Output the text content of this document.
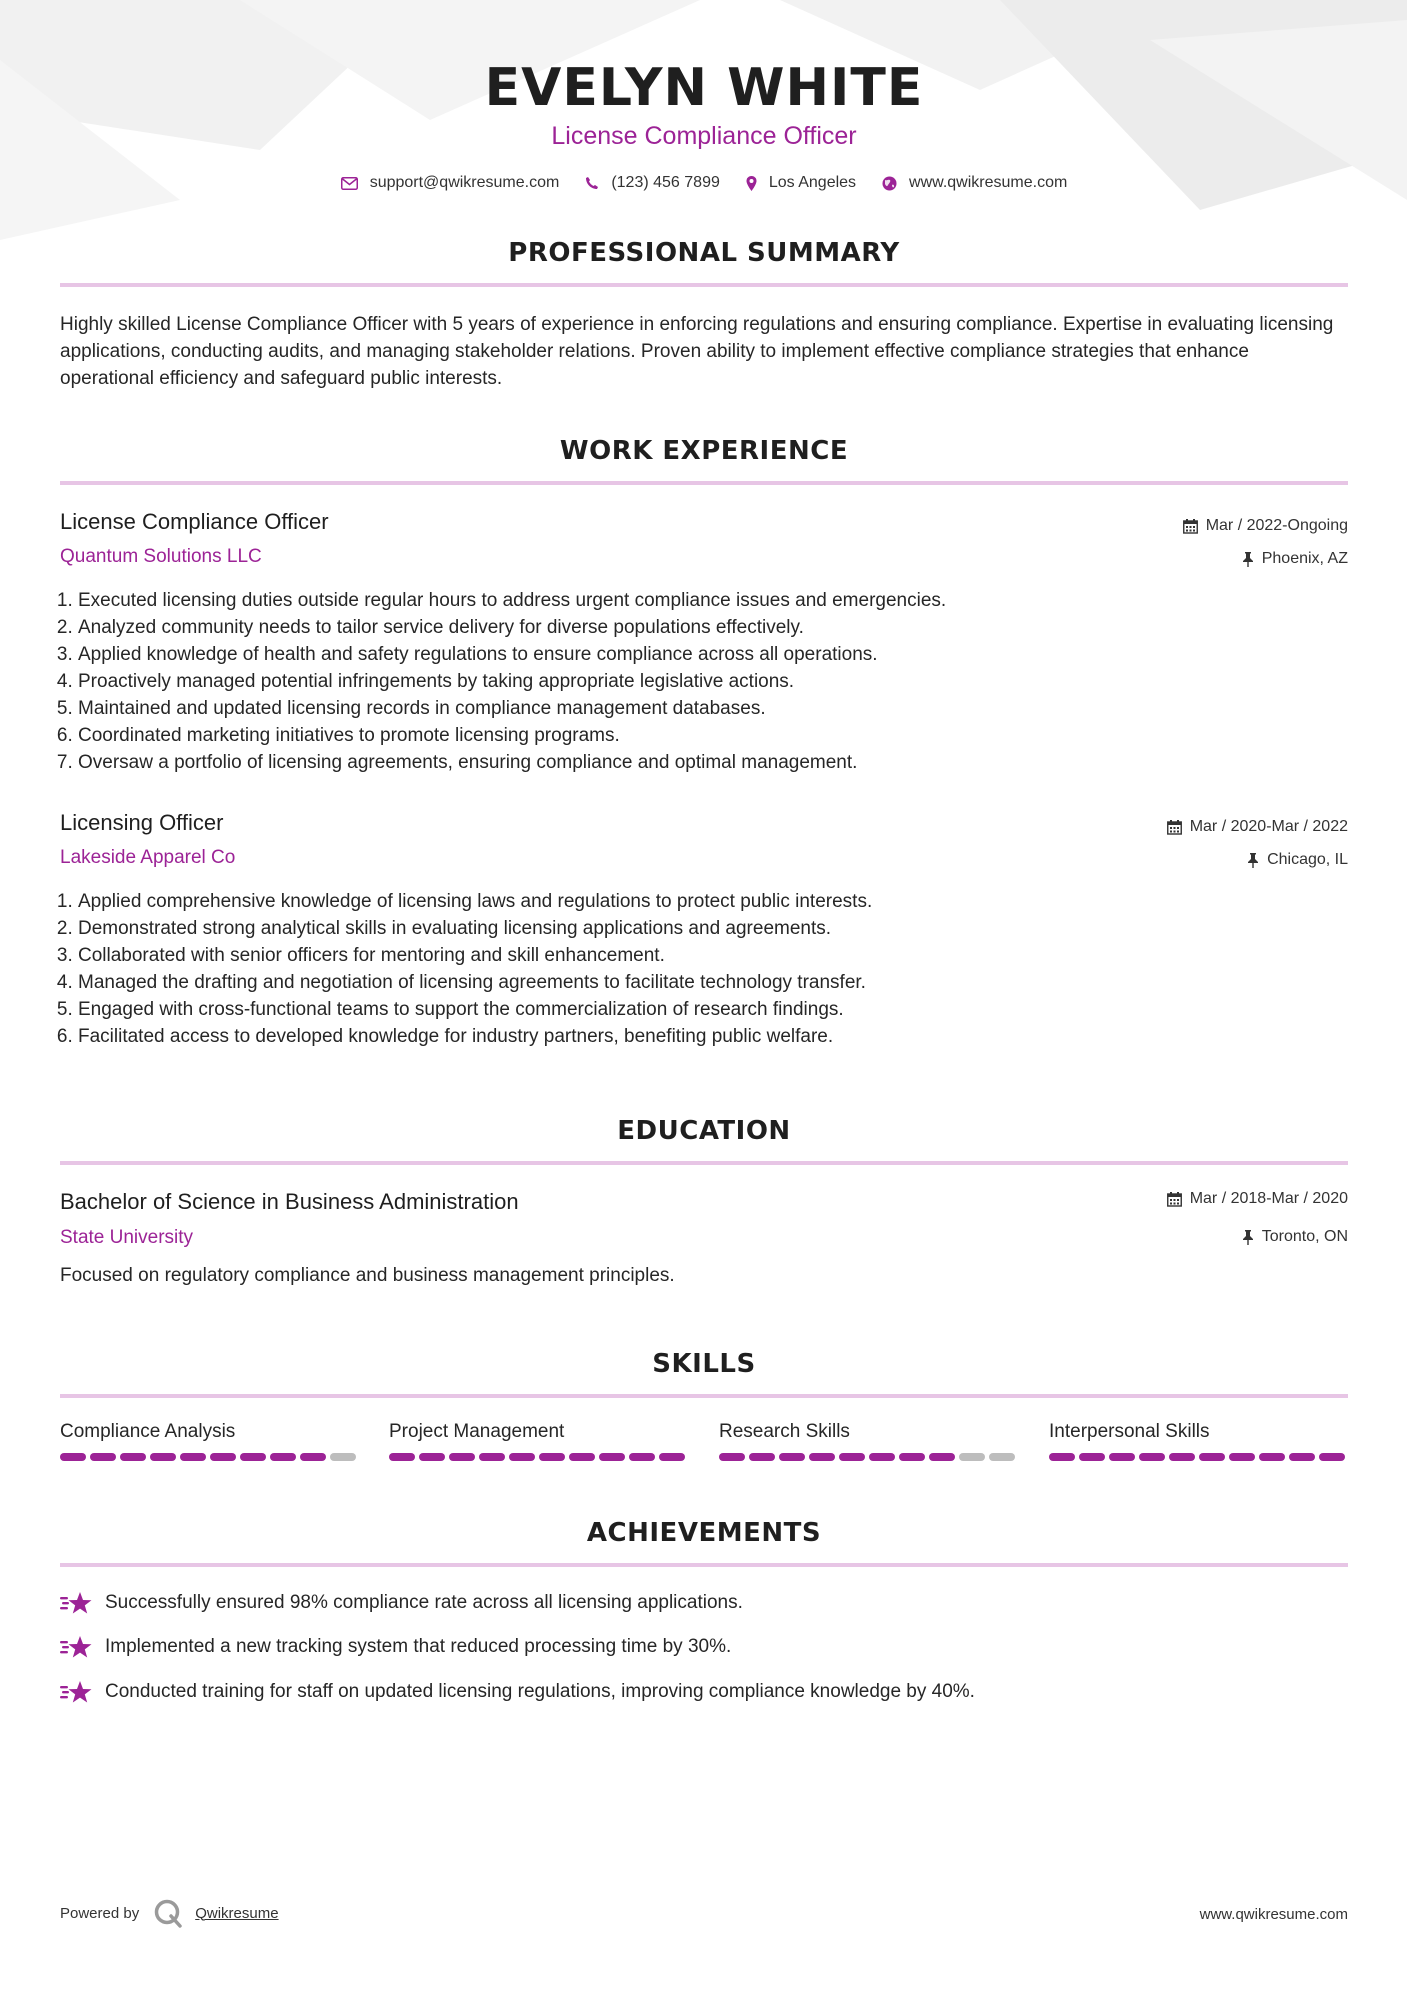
EVELYN WHITE
License Compliance Officer
support@qwikresume.com	(123) 456 7899	Los Angeles	www.qwikresume.com
PROFESSIONAL SUMMARY
Highly skilled License Compliance Officer with 5 years of experience in enforcing regulations and ensuring compliance. Expertise in evaluating licensing applications, conducting audits, and managing stakeholder relations. Proven ability to implement effective compliance strategies that enhance operational efficiency and safeguard public interests.
WORK EXPERIENCE
License Compliance Officer
Quantum Solutions LLC
Mar / 2022-Ongoing
Phoenix, AZ
1. Executed licensing duties outside regular hours to address urgent compliance issues and emergencies.
2. Analyzed community needs to tailor service delivery for diverse populations effectively.
3. Applied knowledge of health and safety regulations to ensure compliance across all operations.
4. Proactively managed potential infringements by taking appropriate legislative actions.
5. Maintained and updated licensing records in compliance management databases.
6. Coordinated marketing initiatives to promote licensing programs.
7. Oversaw a portfolio of licensing agreements, ensuring compliance and optimal management.
Licensing Officer
Lakeside Apparel Co
Mar / 2020-Mar / 2022
Chicago, IL
1. Applied comprehensive knowledge of licensing laws and regulations to protect public interests.
2. Demonstrated strong analytical skills in evaluating licensing applications and agreements.
3. Collaborated with senior officers for mentoring and skill enhancement.
4. Managed the drafting and negotiation of licensing agreements to facilitate technology transfer.
5. Engaged with cross-functional teams to support the commercialization of research findings.
6. Facilitated access to developed knowledge for industry partners, benefiting public welfare.
EDUCATION
Bachelor of Science in Business Administration
State University
Mar / 2018-Mar / 2020
Toronto, ON
Focused on regulatory compliance and business management principles.
SKILLS
Compliance Analysis	Project Management	Research Skills	Interpersonal Skills
ACHIEVEMENTS
Successfully ensured 98% compliance rate across all licensing applications.
Implemented a new tracking system that reduced processing time by 30%.
Conducted training for staff on updated licensing regulations, improving compliance knowledge by 40%.
Powered by	Qwikresume	www.qwikresume.com
